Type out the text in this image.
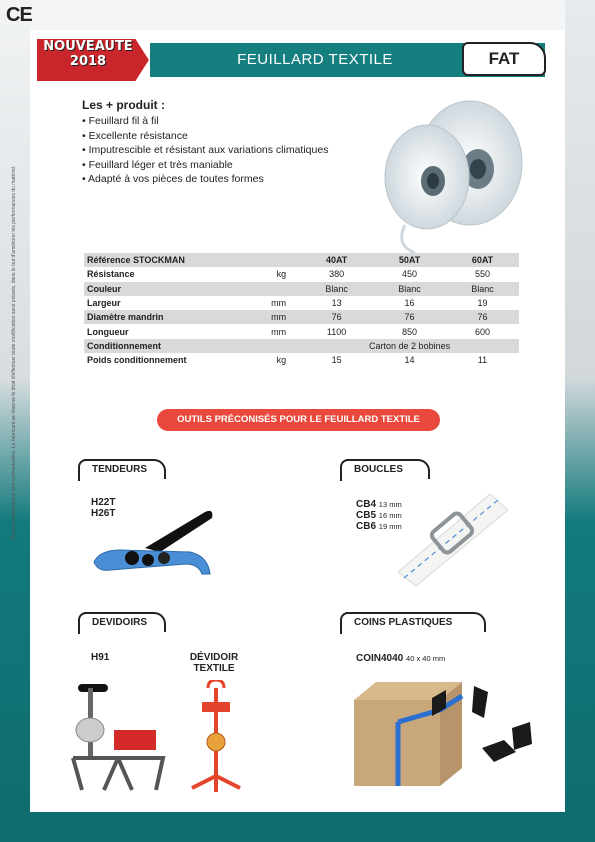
CE
Photos et dimensions non contractuelles. Le fabricant se réserve le droit d'effectuer toute modification sans préavis, dans le but d'améliorer les performances du matériel.
FEUILLARD TEXTILE
NOUVEAUTE
2018	FAT
Les + produit :
• Feuillard fil à fil
• Excellente résistance
• Imputrescible et résistant aux variations climatiques
• Feuillard léger et très maniable
• Adapté à vos pièces de toutes formes
Référence STOCKMAN		40AT	50AT	60AT
Résistance	kg	380	450	550
Couleur		Blanc	Blanc	Blanc
Largeur	mm	13	16	19
Diamètre mandrin	mm	76	76	76
Longueur	mm	1100	850	600
Conditionnement		Carton de 2 bobines		
Poids conditionnement	kg	15	14	11
OUTILS PRÉCONISÉS POUR LE FEUILLARD TEXTILE
TENDEURS
H22T
H26T
BOUCLES
CB4 13 mm
CB5 16 mm
CB6 19 mm
DEVIDOIRS
H91	DÉVIDOIR TEXTILE
COINS PLASTIQUES
COIN4040 40 x 40 mm
